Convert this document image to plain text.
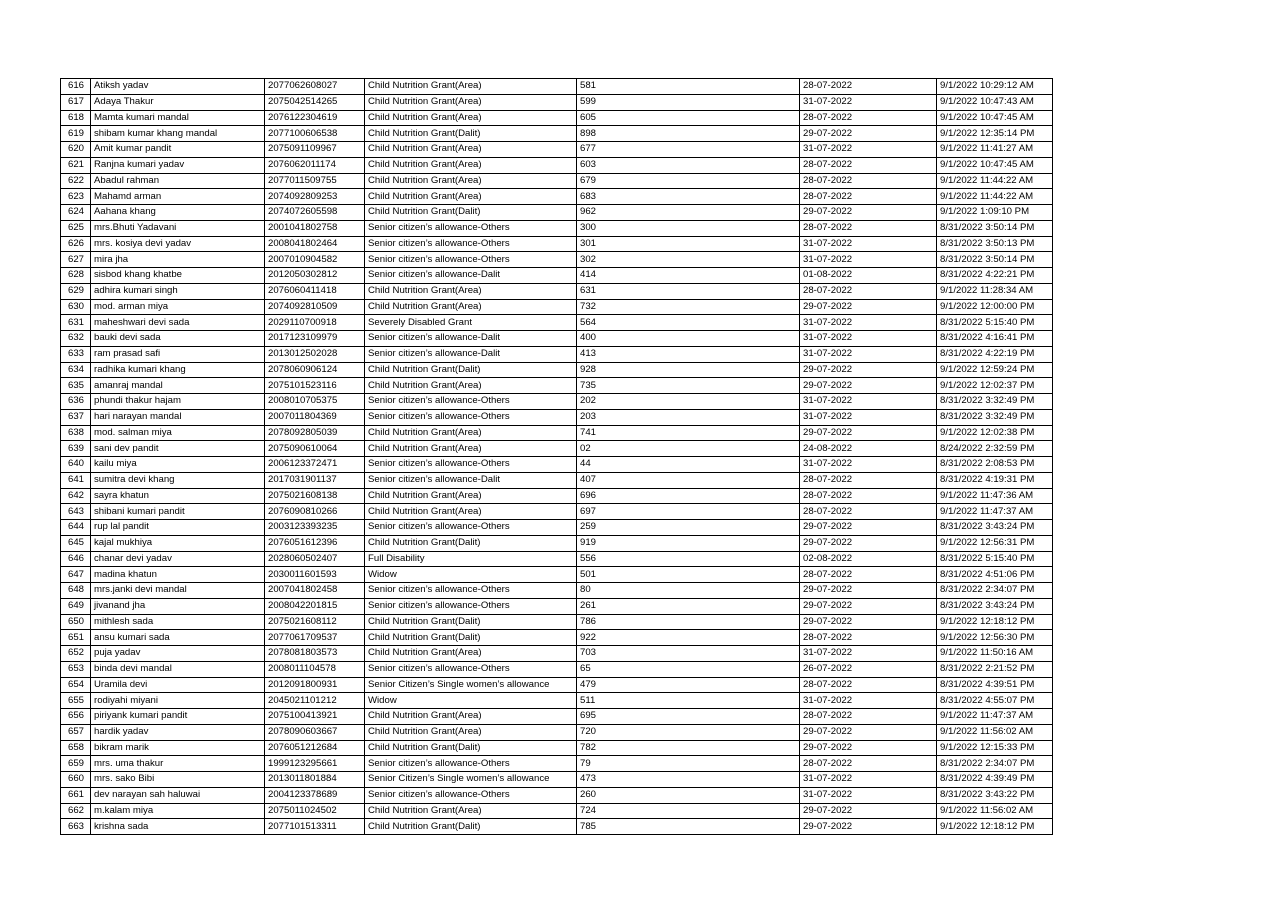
616	Atiksh yadav	2077062608027	Child Nutrition Grant(Area)	581	28-07-2022	9/1/2022 10:29:12 AM
617	Adaya Thakur	2075042514265	Child Nutrition Grant(Area)	599	31-07-2022	9/1/2022 10:47:43 AM
618	Mamta kumari mandal	2076122304619	Child Nutrition Grant(Area)	605	28-07-2022	9/1/2022 10:47:45 AM
619	shibam kumar khang mandal	2077100606538	Child Nutrition Grant(Dalit)	898	29-07-2022	9/1/2022 12:35:14 PM
620	Amit kumar pandit	2075091109967	Child Nutrition Grant(Area)	677	31-07-2022	9/1/2022 11:41:27 AM
621	Ranjna kumari yadav	2076062011174	Child Nutrition Grant(Area)	603	28-07-2022	9/1/2022 10:47:45 AM
622	Abadul rahman	2077011509755	Child Nutrition Grant(Area)	679	28-07-2022	9/1/2022 11:44:22 AM
623	Mahamd arman	2074092809253	Child Nutrition Grant(Area)	683	28-07-2022	9/1/2022 11:44:22 AM
624	Aahana khang	2074072605598	Child Nutrition Grant(Dalit)	962	29-07-2022	9/1/2022 1:09:10 PM
625	mrs.Bhuti Yadavani	2001041802758	Senior citizen’s allowance-Others	300	28-07-2022	8/31/2022 3:50:14 PM
626	mrs. kosiya devi yadav	2008041802464	Senior citizen’s allowance-Others	301	31-07-2022	8/31/2022 3:50:13 PM
627	mira jha	2007010904582	Senior citizen’s allowance-Others	302	31-07-2022	8/31/2022 3:50:14 PM
628	sisbod khang khatbe	2012050302812	Senior citizen’s allowance-Dalit	414	01-08-2022	8/31/2022 4:22:21 PM
629	adhira kumari singh	2076060411418	Child Nutrition Grant(Area)	631	28-07-2022	9/1/2022 11:28:34 AM
630	mod. arman miya	2074092810509	Child Nutrition Grant(Area)	732	29-07-2022	9/1/2022 12:00:00 PM
631	maheshwari devi sada	2029110700918	Severely Disabled Grant	564	31-07-2022	8/31/2022 5:15:40 PM
632	bauki devi sada	2017123109979	Senior citizen’s allowance-Dalit	400	31-07-2022	8/31/2022 4:16:41 PM
633	ram prasad safi	2013012502028	Senior citizen’s allowance-Dalit	413	31-07-2022	8/31/2022 4:22:19 PM
634	radhika kumari khang	2078060906124	Child Nutrition Grant(Dalit)	928	29-07-2022	9/1/2022 12:59:24 PM
635	amanraj mandal	2075101523116	Child Nutrition Grant(Area)	735	29-07-2022	9/1/2022 12:02:37 PM
636	phundi thakur hajam	2008010705375	Senior citizen’s allowance-Others	202	31-07-2022	8/31/2022 3:32:49 PM
637	hari narayan mandal	2007011804369	Senior citizen’s allowance-Others	203	31-07-2022	8/31/2022 3:32:49 PM
638	mod. salman miya	2078092805039	Child Nutrition Grant(Area)	741	29-07-2022	9/1/2022 12:02:38 PM
639	sani dev pandit	2075090610064	Child Nutrition Grant(Area)	02	24-08-2022	8/24/2022 2:32:59 PM
640	kailu miya	2006123372471	Senior citizen’s allowance-Others	44	31-07-2022	8/31/2022 2:08:53 PM
641	sumitra devi khang	2017031901137	Senior citizen’s allowance-Dalit	407	28-07-2022	8/31/2022 4:19:31 PM
642	sayra khatun	2075021608138	Child Nutrition Grant(Area)	696	28-07-2022	9/1/2022 11:47:36 AM
643	shibani kumari pandit	2076090810266	Child Nutrition Grant(Area)	697	28-07-2022	9/1/2022 11:47:37 AM
644	rup lal pandit	2003123393235	Senior citizen’s allowance-Others	259	29-07-2022	8/31/2022 3:43:24 PM
645	kajal mukhiya	2076051612396	Child Nutrition Grant(Dalit)	919	29-07-2022	9/1/2022 12:56:31 PM
646	chanar devi yadav	2028060502407	Full Disability	556	02-08-2022	8/31/2022 5:15:40 PM
647	madina khatun	2030011601593	Widow	501	28-07-2022	8/31/2022 4:51:06 PM
648	mrs.janki devi mandal	2007041802458	Senior citizen’s allowance-Others	80	29-07-2022	8/31/2022 2:34:07 PM
649	jivanand jha	2008042201815	Senior citizen’s allowance-Others	261	29-07-2022	8/31/2022 3:43:24 PM
650	mithlesh sada	2075021608112	Child Nutrition Grant(Dalit)	786	29-07-2022	9/1/2022 12:18:12 PM
651	ansu kumari sada	2077061709537	Child Nutrition Grant(Dalit)	922	28-07-2022	9/1/2022 12:56:30 PM
652	puja yadav	2078081803573	Child Nutrition Grant(Area)	703	31-07-2022	9/1/2022 11:50:16 AM
653	binda devi mandal	2008011104578	Senior citizen’s allowance-Others	65	26-07-2022	8/31/2022 2:21:52 PM
654	Uramila devi	2012091800931	Senior Citizen’s Single women’s allowance	479	28-07-2022	8/31/2022 4:39:51 PM
655	rodiyahi miyani	2045021101212	Widow	511	31-07-2022	8/31/2022 4:55:07 PM
656	piriyank kumari pandit	2075100413921	Child Nutrition Grant(Area)	695	28-07-2022	9/1/2022 11:47:37 AM
657	hardik yadav	2078090603667	Child Nutrition Grant(Area)	720	29-07-2022	9/1/2022 11:56:02 AM
658	bikram marik	2076051212684	Child Nutrition Grant(Dalit)	782	29-07-2022	9/1/2022 12:15:33 PM
659	mrs. uma thakur	1999123295661	Senior citizen’s allowance-Others	79	28-07-2022	8/31/2022 2:34:07 PM
660	mrs. sako Bibi	2013011801884	Senior Citizen’s Single women’s allowance	473	31-07-2022	8/31/2022 4:39:49 PM
661	dev narayan sah haluwai	2004123378689	Senior citizen’s allowance-Others	260	31-07-2022	8/31/2022 3:43:22 PM
662	m.kalam miya	2075011024502	Child Nutrition Grant(Area)	724	29-07-2022	9/1/2022 11:56:02 AM
663	krishna sada	2077101513311	Child Nutrition Grant(Dalit)	785	29-07-2022	9/1/2022 12:18:12 PM
